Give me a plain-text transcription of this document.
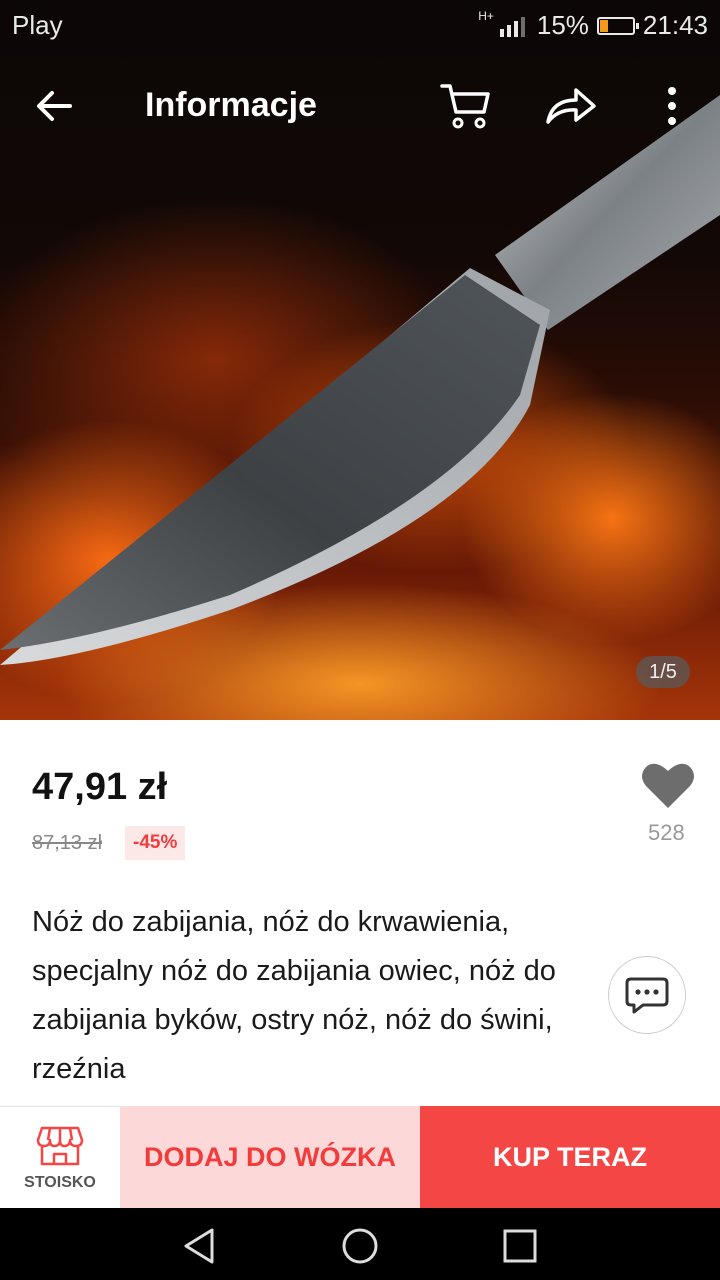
Play	H+ 15% 21:43
Informacje
1/5
47,91 zł
87,13 zł	-45%	528
Nóż do zabijania, nóż do krwawienia, specjalny nóż do zabijania owiec, nóż do zabijania byków, ostry nóż, nóż do świni, rzeźnia
STOISKO
DODAJ DO WÓZKA	KUP TERAZ
